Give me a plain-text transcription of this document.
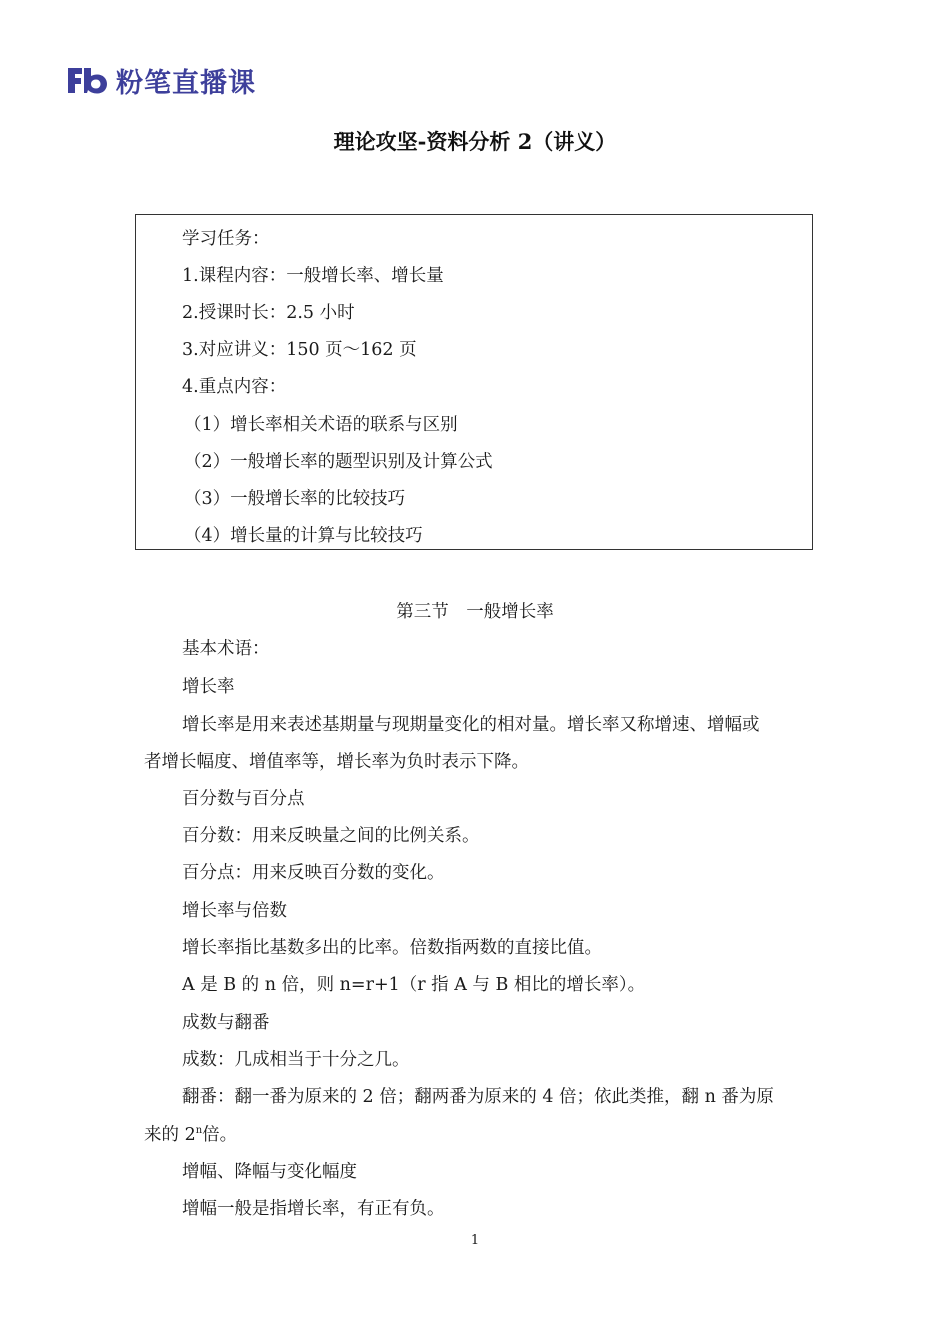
粉笔直播课
理论攻坚-资料分析 2（讲义）
学习任务：
1.课程内容：一般增长率、增长量
2.授课时长：2.5 小时
3.对应讲义：150 页～162 页
4.重点内容：
（1）增长率相关术语的联系与区别
（2）一般增长率的题型识别及计算公式
（3）一般增长率的比较技巧
（4）增长量的计算与比较技巧
第三节　一般增长率
基本术语：
增长率
增长率是用来表述基期量与现期量变化的相对量。增长率又称增速、增幅或
者增长幅度、增值率等，增长率为负时表示下降。
百分数与百分点
百分数：用来反映量之间的比例关系。
百分点：用来反映百分数的变化。
增长率与倍数
增长率指比基数多出的比率。倍数指两数的直接比值。
A 是 B 的 n 倍，则 n=r+1（r 指 A 与 B 相比的增长率）。
成数与翻番
成数：几成相当于十分之几。
翻番：翻一番为原来的 2 倍；翻两番为原来的 4 倍；依此类推，翻 n 番为原
来的 2$^n$倍。
增幅、降幅与变化幅度
增幅一般是指增长率，有正有负。
1
